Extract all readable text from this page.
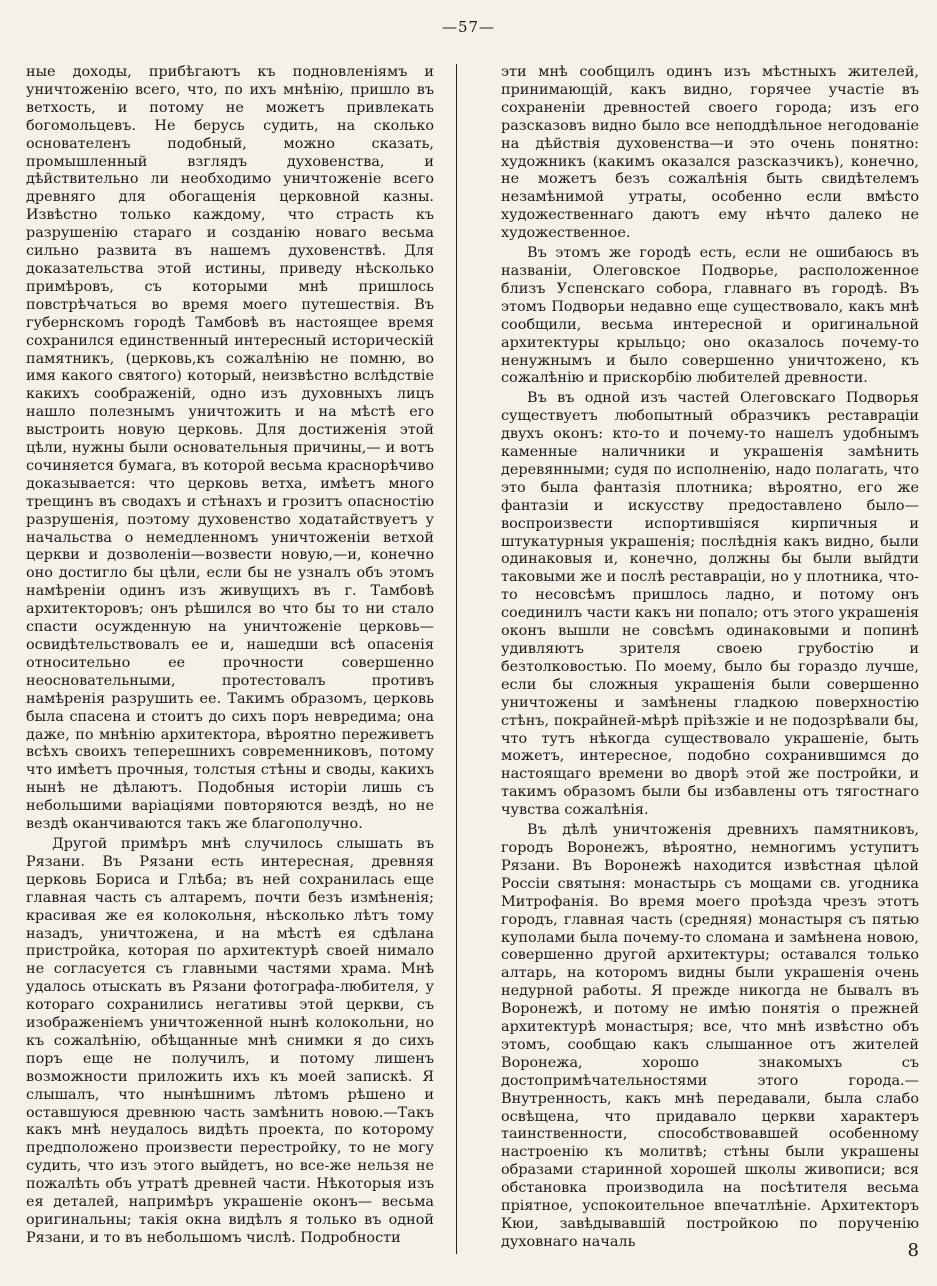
—57—

ные доходы, прибѣгаютъ къ подновленіямъ и уничтоженію всего, что, по ихъ мнѣнію, пришло въ ветхость, и потому не можетъ привлекать богомольцевъ. Не берусь судить, на сколько основателенъ подобный, можно сказать, промышленный взглядъ духовенства, и дѣйствительно ли необходимо уничтоженіе всего древняго для обогащенія церковной казны. Извѣстно только каждому, что страсть къ разрушенію стараго и созданію новаго весьма сильно развита въ нашемъ духовенствѣ. Для доказательства этой истины, приведу нѣсколько примѣровъ, съ которыми мнѣ пришлось повстрѣчаться во время моего путешествія. Въ губернскомъ городѣ Тамбовѣ въ настоящее время сохранился единственный интересный историческій памятникъ, (церковь,къ сожалѣнію не помню, во имя какого святого) который, неизвѣстно вслѣдствіе какихъ соображеній, одно изъ духовныхъ лицъ нашло полезнымъ уничтожить и на мѣстѣ его выстроить новую церковь. Для достиженія этой цѣли, нужны были основательныя причины,— и вотъ сочиняется бумага, въ которой весьма краснорѣчиво доказывается: что церковь ветха, имѣетъ много трещинъ въ сводахъ и стѣнахъ и грозитъ опасностію разрушенія, поэтому духовенство ходатайствуетъ у начальства о немедленномъ уничтоженіи ветхой церкви и дозволеніи—возвести новую,—и, конечно оно достигло бы цѣли, если бы не узналъ объ этомъ намѣреніи одинъ изъ живущихъ въ г. Тамбовѣ архитекторовъ; онъ рѣшился во что бы то ни стало спасти осужденную на уничтоженіе церковь—освидѣтельствовалъ ее и, нашедши всѣ опасенія относительно ее прочности совершенно неосновательными, протестовалъ противъ намѣренія разрушить ее. Такимъ образомъ, церковь была спасена и стоитъ до сихъ поръ невредима; она даже, по мнѣнію архитектора, вѣроятно переживетъ всѣхъ своихъ теперешнихъ современниковъ, потому что имѣетъ прочныя, толстыя стѣны и своды, какихъ нынѣ не дѣлаютъ. Подобныя исторіи лишь съ небольшими варіаціями повторяются вездѣ, но не вездѣ оканчиваются такъ же благополучно.

Другой примѣръ мнѣ случилось слышать въ Рязани. Въ Рязани есть интересная, древняя церковь Бориса и Глѣба; въ ней сохранилась еще главная часть съ алтаремъ, почти безъ измѣненія; красивая же ея колокольня, нѣсколько лѣтъ тому назадъ, уничтожена, и на мѣстѣ ея сдѣлана пристройка, которая по архитектурѣ своей нимало не согласуется съ главными частями храма. Мнѣ удалось отыскать въ Рязани фотографа-любителя, у котораго сохранились негативы этой церкви, съ изображеніемъ уничтоженной нынѣ колокольни, но къ сожалѣнію, обѣщанные мнѣ снимки я до сихъ поръ еще не получилъ, и потому лишенъ возможности приложить ихъ къ моей запискѣ. Я слышалъ, что нынѣшнимъ лѣтомъ рѣшено и оставшуюся древнюю часть замѣнить новою.—Такъ какъ мнѣ неудалось видѣть проекта, по которому предположено произвести перестройку, то не могу судить, что изъ этого выйдетъ, но все-же нельзя не пожалѣть объ утратѣ древней части. Нѣкоторыя изъ ея деталей, напримѣръ украшеніе оконъ— весьма оригинальны; такія окна видѣлъ я только въ одной Рязани, и то въ небольшомъ числѣ. Подробности

эти мнѣ сообщилъ одинъ изъ мѣстныхъ жителей, принимающій, какъ видно, горячее участіе въ сохраненіи древностей своего города; изъ его разсказовъ видно было все неподдѣльное негодованіе на дѣйствія духовенства—и это очень понятно: художникъ (какимъ оказался разсказчикъ), конечно, не можетъ безъ сожалѣнія быть свидѣтелемъ незамѣнимой утраты, особенно если вмѣсто художественнаго даютъ ему нѣчто далеко не художественное.

Въ этомъ же городѣ есть, если не ошибаюсь въ названіи, Олеговское Подворье, расположенное близъ Успенскаго собора, главнаго въ городѣ. Въ этомъ Подворьи недавно еще существовало, какъ мнѣ сообщили, весьма интересной и оригинальной архитектуры крыльцо; оно оказалось почему-то ненужнымъ и было совершенно уничтожено, къ сожалѣнію и прискорбію любителей древности.

Въ въ одной изъ частей Олеговскаго Подворья существуетъ любопытный образчикъ реставраціи двухъ оконъ: кто-то и почему-то нашелъ удобнымъ каменные наличники и украшенія замѣнить деревянными; судя по исполненію, надо полагать, что это была фантазія плотника; вѣроятно, его же фантазіи и искусству предоставлено было—воспроизвести испортившіяся кирпичныя и штукатурныя украшенія; послѣднія какъ видно, были одинаковыя и, конечно, должны бы были выйдти таковыми же и послѣ реставраціи, но у плотника, что-то несовсѣмъ пришлось ладно, и потому онъ соединилъ части какъ ни попало; отъ этого украшенія оконъ вышли не совсѣмъ одинаковыми и попинѣ удивляютъ зрителя своею грубостію и безтолковостью. По моему, было бы гораздо лучше, если бы сложныя украшенія были совершенно уничтожены и замѣнены гладкою поверхностію стѣнъ, покрайней-мѣрѣ пріѣзжіе и не подозрѣвали бы, что тутъ нѣкогда существовало украшеніе, быть можетъ, интересное, подобно сохранившимся до настоящаго времени во дворѣ этой же постройки, и такимъ образомъ были бы избавлены отъ тягостнаго чувства сожалѣнія.

Въ дѣлѣ уничтоженія древнихъ памятниковъ, городъ Воронежъ, вѣроятно, немногимъ уступитъ Рязани. Въ Воронежѣ находится извѣстная цѣлой Россіи святыня: монастырь съ мощами св. угодника Митрофанія. Во время моего проѣзда чрезъ этотъ городъ, главная часть (средняя) монастыря съ пятью куполами была почему-то сломана и замѣнена новою, совершенно другой архитектуры; оставался только алтарь, на которомъ видны были украшенія очень недурной работы. Я прежде никогда не бывалъ въ Воронежѣ, и потому не имѣю понятія о прежней архитектурѣ монастыря; все, что мнѣ извѣстно объ этомъ, сообщаю какъ слышанное отъ жителей Воронежа, хорошо знакомыхъ съ достопримѣчательностями этого города.—Внутренность, какъ мнѣ передавали, была слабо освѣщена, что придавало церкви характеръ таинственности, способствовавшей особенному настроенію къ молитвѣ; стѣны были украшены образами старинной хорошей школы живописи; вся обстановка производила на посѣтителя весьма пріятное, успокоительное впечатлѣніе. Архитекторъ Кюи, завѣдывавшій постройкою по порученію духовнаго началь	8
